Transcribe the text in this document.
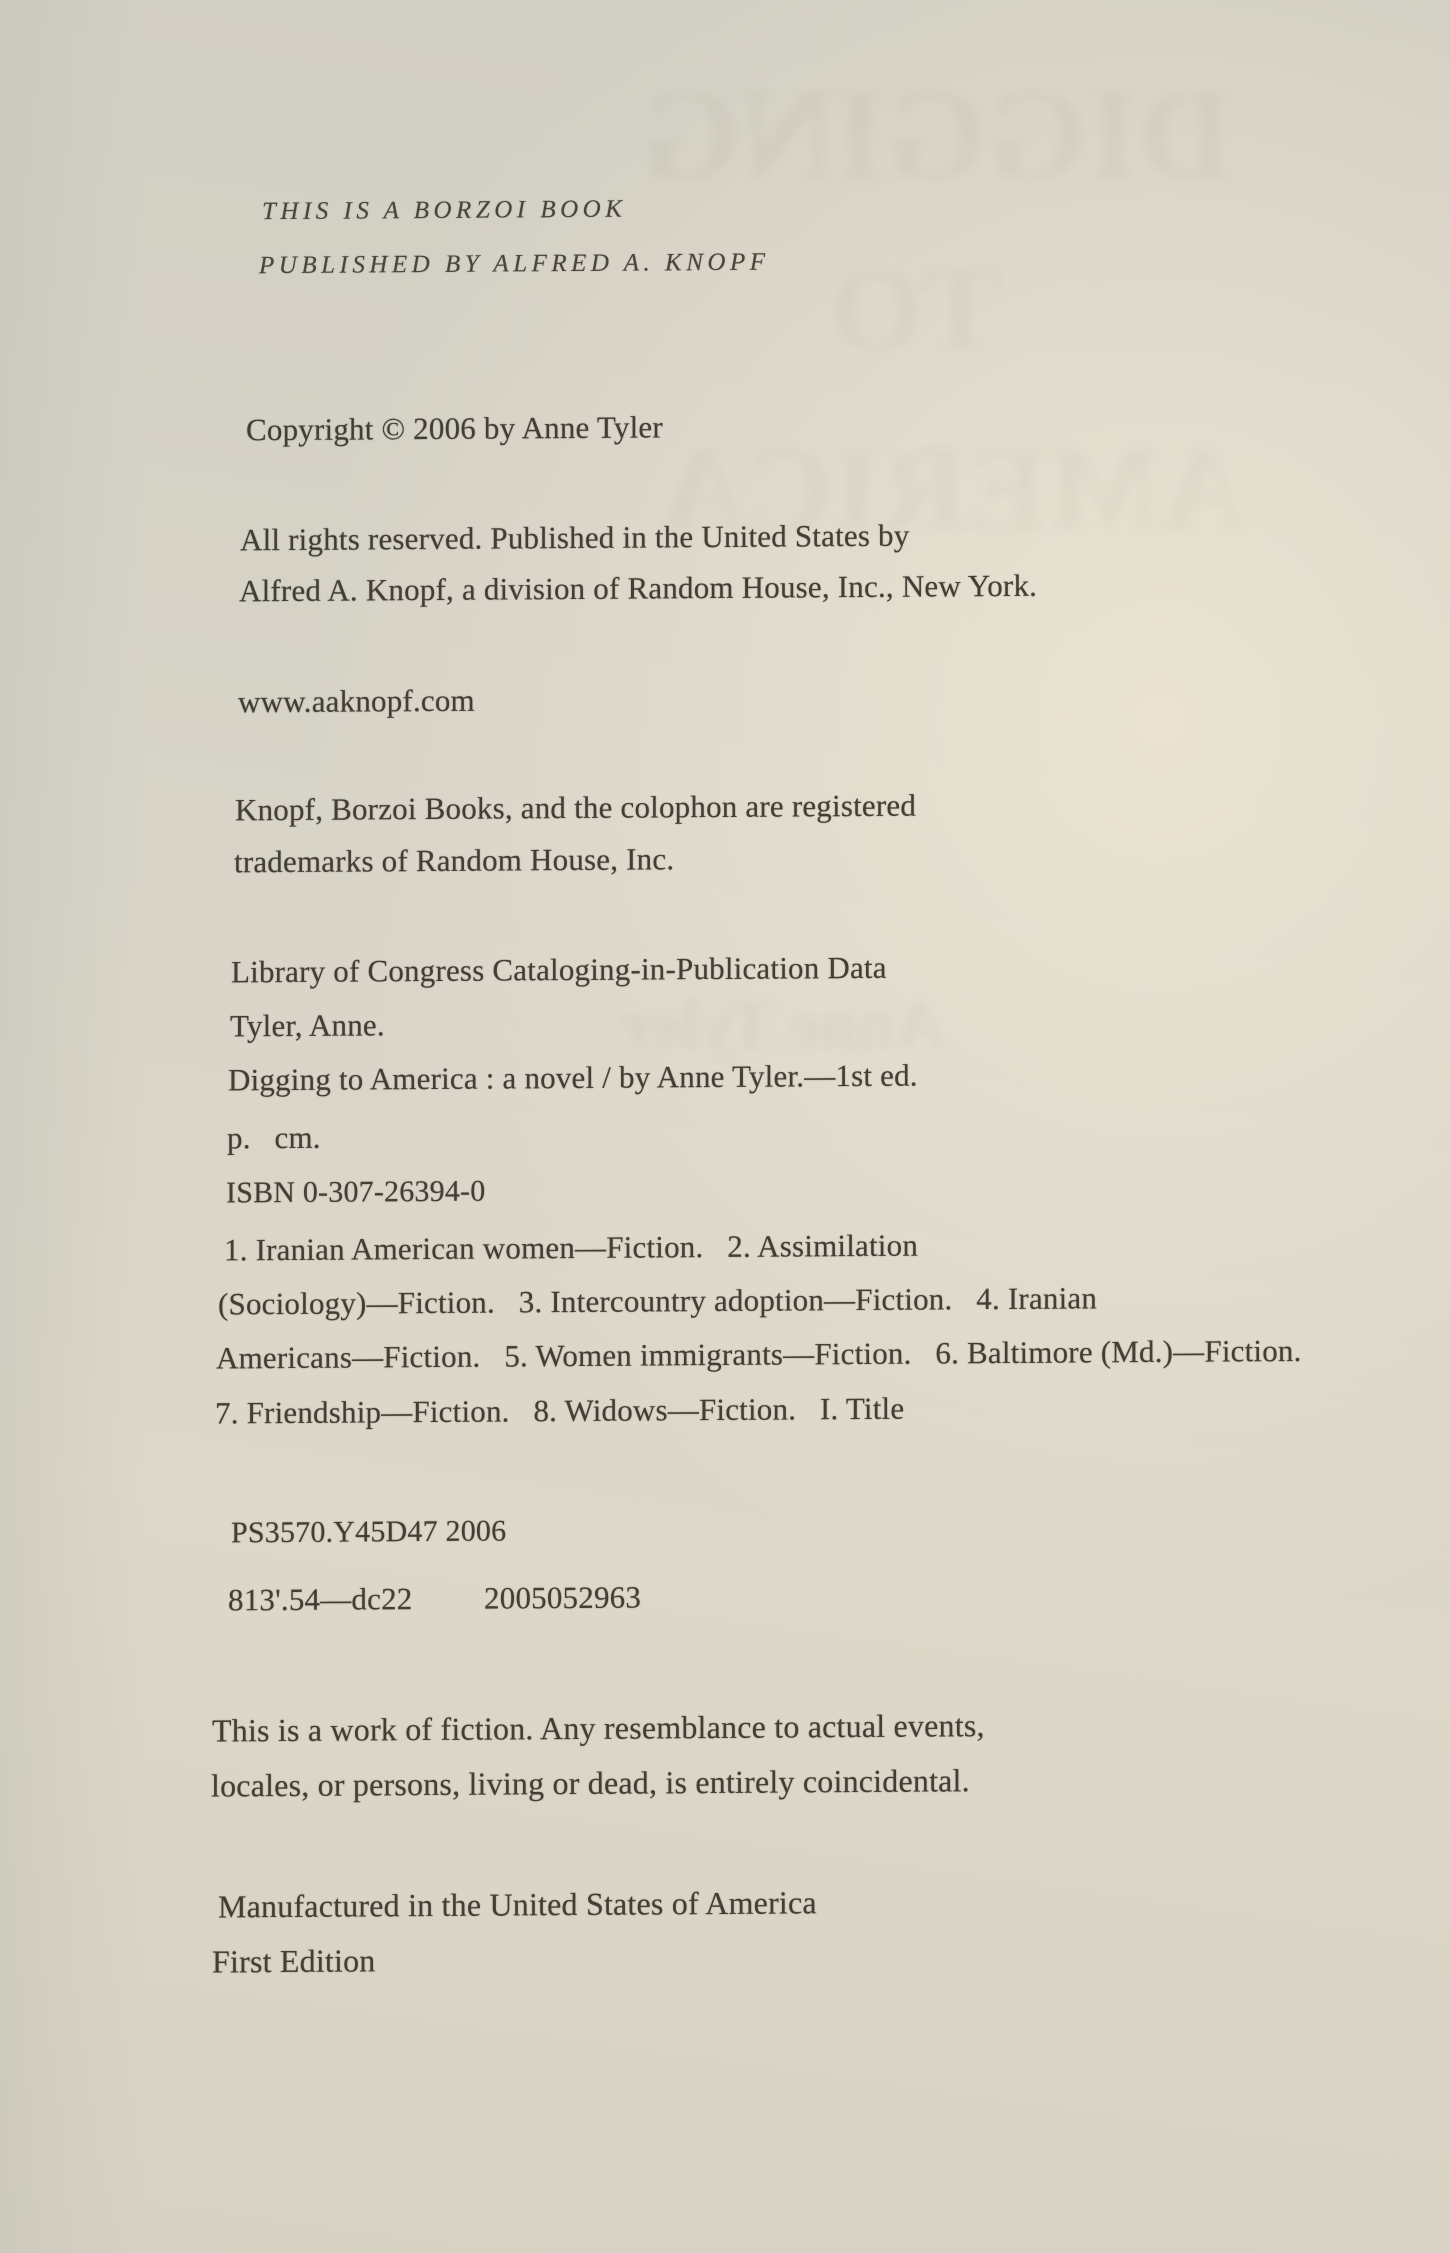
DIGGING
Anne Tyler
THIS IS A BORZOI BOOK
PUBLISHED BY ALFRED A. KNOPF
Copyright © 2006 by Anne Tyler
All rights reserved. Published in the United States by
Alfred A. Knopf, a division of Random House, Inc., New York.
www.aaknopf.com
Knopf, Borzoi Books, and the colophon are registered
trademarks of Random House, Inc.
Library of Congress Cataloging-in-Publication Data
Tyler, Anne.
Digging to America : a novel / by Anne Tyler.—1st ed.
p.   cm.
ISBN 0-307-26394-0
1. Iranian American women—Fiction.   2. Assimilation
(Sociology)—Fiction.   3. Intercountry adoption—Fiction.   4. Iranian
Americans—Fiction.   5. Women immigrants—Fiction.   6. Baltimore (Md.)—Fiction.
7. Friendship—Fiction.   8. Widows—Fiction.   I. Title
PS3570.Y45D47 2006
813'.54—dc22         2005052963
This is a work of fiction. Any resemblance to actual events,
locales, or persons, living or dead, is entirely coincidental.
Manufactured in the United States of America
First Edition
